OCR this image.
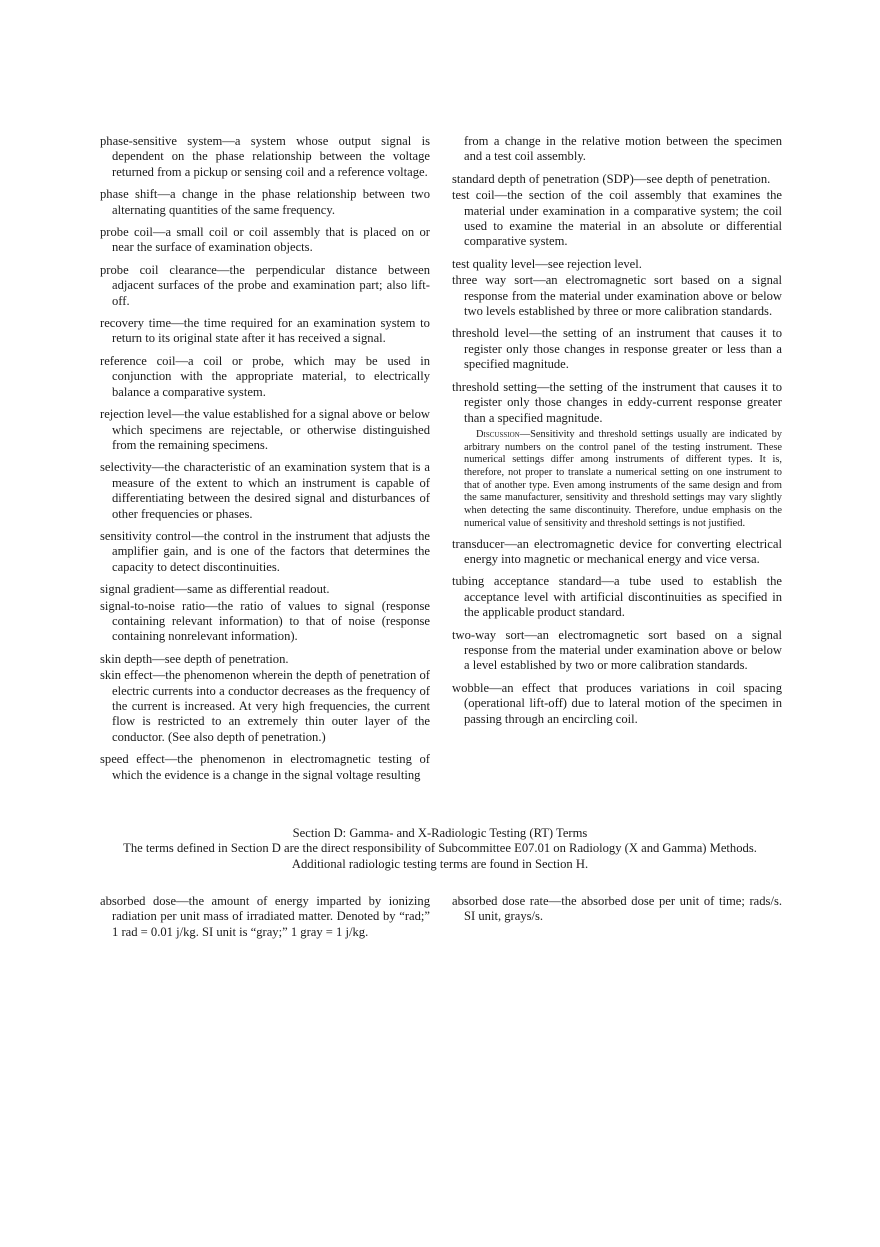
phase-sensitive system—a system whose output signal is dependent on the phase relationship between the voltage returned from a pickup or sensing coil and a reference voltage.

phase shift—a change in the phase relationship between two alternating quantities of the same frequency.

probe coil—a small coil or coil assembly that is placed on or near the surface of examination objects.

probe coil clearance—the perpendicular distance between adjacent surfaces of the probe and examination part; also lift-off.

recovery time—the time required for an examination system to return to its original state after it has received a signal.

reference coil—a coil or probe, which may be used in conjunction with the appropriate material, to electrically balance a comparative system.

rejection level—the value established for a signal above or below which specimens are rejectable, or otherwise distinguished from the remaining specimens.

selectivity—the characteristic of an examination system that is a measure of the extent to which an instrument is capable of differentiating between the desired signal and disturbances of other frequencies or phases.

sensitivity control—the control in the instrument that adjusts the amplifier gain, and is one of the factors that determines the capacity to detect discontinuities.

signal gradient—same as differential readout.

signal-to-noise ratio—the ratio of values to signal (response containing relevant information) to that of noise (response containing nonrelevant information).

skin depth—see depth of penetration.

skin effect—the phenomenon wherein the depth of penetration of electric currents into a conductor decreases as the frequency of the current is increased. At very high frequencies, the current flow is restricted to an extremely thin outer layer of the conductor. (See also depth of penetration.)

speed effect—the phenomenon in electromagnetic testing of which the evidence is a change in the signal voltage resulting

from a change in the relative motion between the specimen and a test coil assembly.

standard depth of penetration (SDP)—see depth of penetration.

test coil—the section of the coil assembly that examines the material under examination in a comparative system; the coil used to examine the material in an absolute or differential comparative system.

test quality level—see rejection level.

three way sort—an electromagnetic sort based on a signal response from the material under examination above or below two levels established by three or more calibration standards.

threshold level—the setting of an instrument that causes it to register only those changes in response greater or less than a specified magnitude.

threshold setting—the setting of the instrument that causes it to register only those changes in eddy-current response greater than a specified magnitude.

Discussion—Sensitivity and threshold settings usually are indicated by arbitrary numbers on the control panel of the testing instrument. These numerical settings differ among instruments of different types. It is, therefore, not proper to translate a numerical setting on one instrument to that of another type. Even among instruments of the same design and from the same manufacturer, sensitivity and threshold settings may vary slightly when detecting the same discontinuity. Therefore, undue emphasis on the numerical value of sensitivity and threshold settings is not justified.

transducer—an electromagnetic device for converting electrical energy into magnetic or mechanical energy and vice versa.

tubing acceptance standard—a tube used to establish the acceptance level with artificial discontinuities as specified in the applicable product standard.

two-way sort—an electromagnetic sort based on a signal response from the material under examination above or below a level established by two or more calibration standards.

wobble—an effect that produces variations in coil spacing (operational lift-off) due to lateral motion of the specimen in passing through an encircling coil.

Section D: Gamma- and X-Radiologic Testing (RT) Terms
The terms defined in Section D are the direct responsibility of Subcommittee E07.01 on Radiology (X and Gamma) Methods.
Additional radiologic testing terms are found in Section H.

absorbed dose—the amount of energy imparted by ionizing radiation per unit mass of irradiated matter. Denoted by “rad;” 1 rad = 0.01 j/kg. SI unit is “gray;” 1 gray = 1 j/kg.

absorbed dose rate—the absorbed dose per unit of time; rads/s. SI unit, grays/s.
